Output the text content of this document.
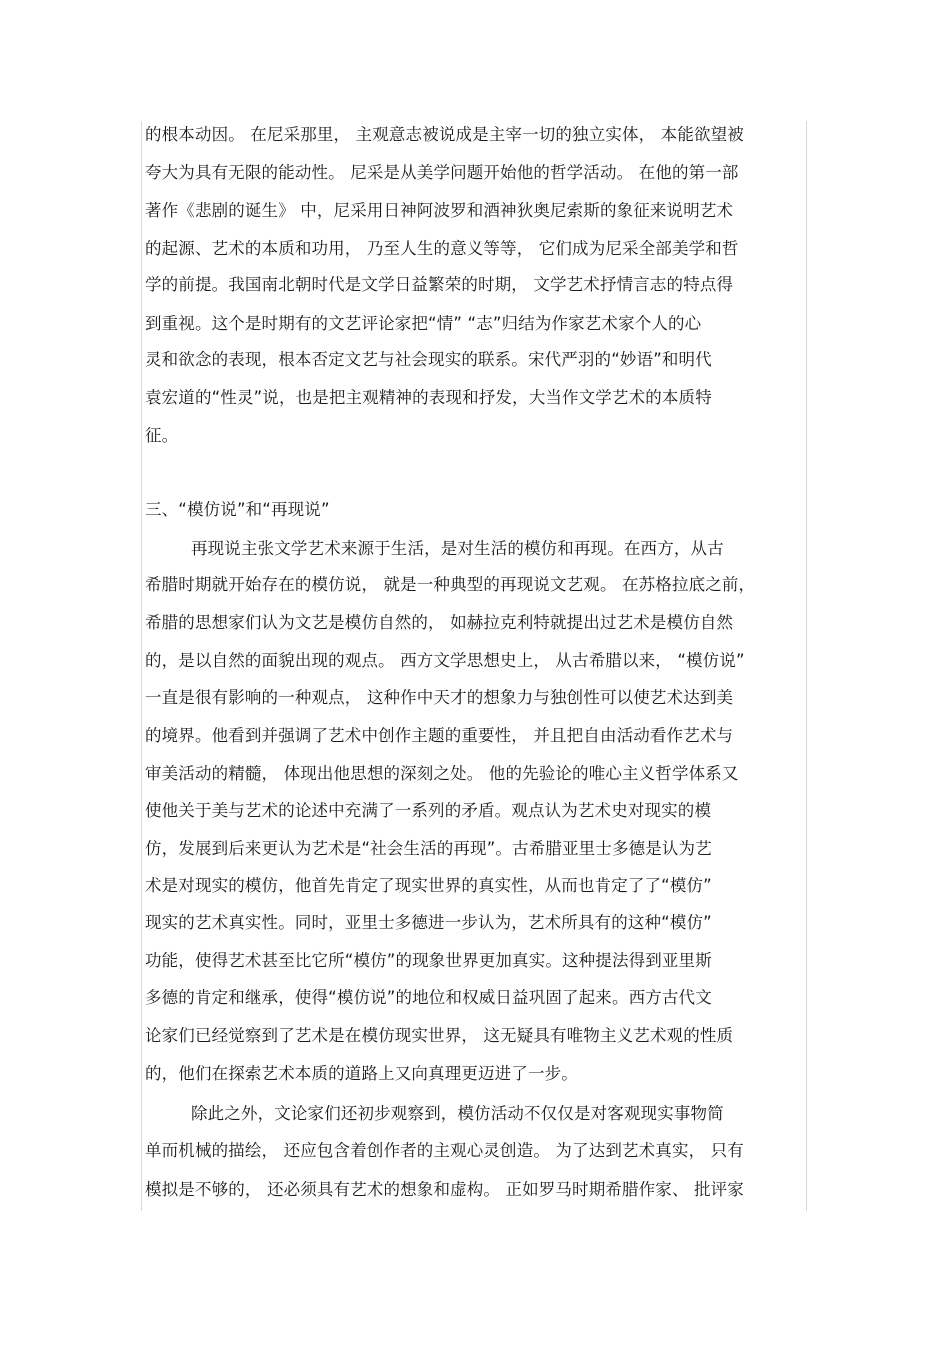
的根本动因。 在尼采那里， 主观意志被说成是主宰一切的独立实体， 本能欲望被
夸大为具有无限的能动性。 尼采是从美学问题开始他的哲学活动。 在他的第一部
著作《悲剧的诞生》 中，尼采用日神阿波罗和酒神狄奥尼索斯的象征来说明艺术
的起源、艺术的本质和功用， 乃至人生的意义等等， 它们成为尼采全部美学和哲
学的前提。我国南北朝时代是文学日益繁荣的时期， 文学艺术抒情言志的特点得
到重视。这个是时期有的文艺评论家把“情” “志”归结为作家艺术家个人的心
灵和欲念的表现，根本否定文艺与社会现实的联系。宋代严羽的“妙语”和明代
袁宏道的“性灵”说，也是把主观精神的表现和抒发，大当作文学艺术的本质特
征。
三、“模仿说”和“再现说”
再现说主张文学艺术来源于生活，是对生活的模仿和再现。在西方，从古
希腊时期就开始存在的模仿说， 就是一种典型的再现说文艺观。 在苏格拉底之前，
希腊的思想家们认为文艺是模仿自然的， 如赫拉克利特就提出过艺术是模仿自然
的，是以自然的面貌出现的观点。 西方文学思想史上， 从古希腊以来， “模仿说”
一直是很有影响的一种观点， 这种作中天才的想象力与独创性可以使艺术达到美
的境界。他看到并强调了艺术中创作主题的重要性， 并且把自由活动看作艺术与
审美活动的精髓， 体现出他思想的深刻之处。 他的先验论的唯心主义哲学体系又
使他关于美与艺术的论述中充满了一系列的矛盾。观点认为艺术史对现实的模
仿，发展到后来更认为艺术是“社会生活的再现”。古希腊亚里士多德是认为艺
术是对现实的模仿，他首先肯定了现实世界的真实性，从而也肯定了了“模仿”
现实的艺术真实性。同时，亚里士多德进一步认为，艺术所具有的这种“模仿”
功能，使得艺术甚至比它所“模仿”的现象世界更加真实。这种提法得到亚里斯
多德的肯定和继承，使得“模仿说”的地位和权威日益巩固了起来。西方古代文
论家们已经觉察到了艺术是在模仿现实世界， 这无疑具有唯物主义艺术观的性质
的，他们在探索艺术本质的道路上又向真理更迈进了一步。
除此之外，文论家们还初步观察到，模仿活动不仅仅是对客观现实事物简
单而机械的描绘， 还应包含着创作者的主观心灵创造。 为了达到艺术真实， 只有
模拟是不够的， 还必须具有艺术的想象和虚构。 正如罗马时期希腊作家、 批评家
